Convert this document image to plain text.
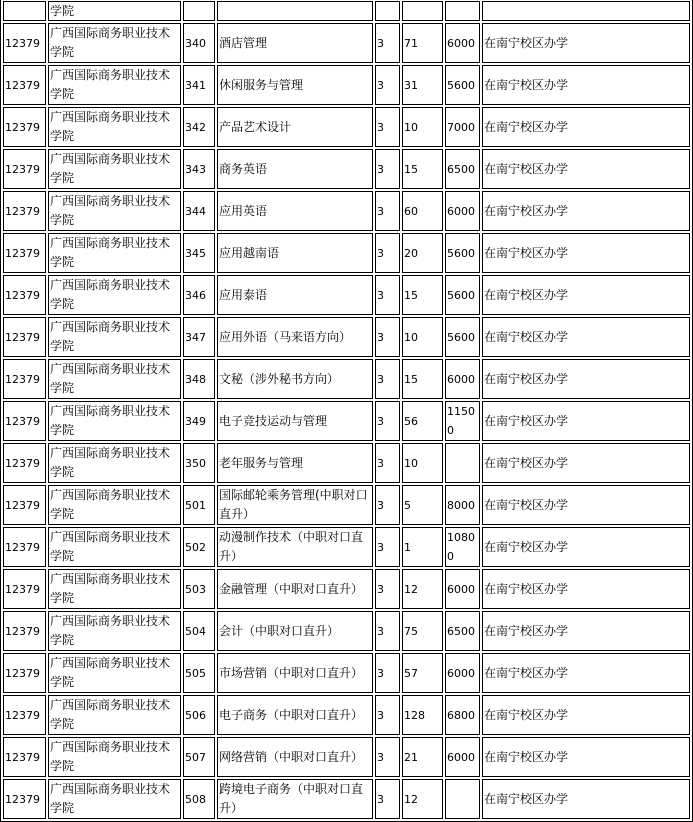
	学院						
12379	广西国际商务职业技术学院	340	酒店管理	3	71	6000	在南宁校区办学
12379	广西国际商务职业技术学院	341	休闲服务与管理	3	31	5600	在南宁校区办学
12379	广西国际商务职业技术学院	342	产品艺术设计	3	10	7000	在南宁校区办学
12379	广西国际商务职业技术学院	343	商务英语	3	15	6500	在南宁校区办学
12379	广西国际商务职业技术学院	344	应用英语	3	60	6000	在南宁校区办学
12379	广西国际商务职业技术学院	345	应用越南语	3	20	5600	在南宁校区办学
12379	广西国际商务职业技术学院	346	应用泰语	3	15	5600	在南宁校区办学
12379	广西国际商务职业技术学院	347	应用外语（马来语方向）	3	10	5600	在南宁校区办学
12379	广西国际商务职业技术学院	348	文秘（涉外秘书方向）	3	15	6000	在南宁校区办学
12379	广西国际商务职业技术学院	349	电子竞技运动与管理	3	56	11500	在南宁校区办学
12379	广西国际商务职业技术学院	350	老年服务与管理	3	10		在南宁校区办学
12379	广西国际商务职业技术学院	501	国际邮轮乘务管理(中职对口直升）	3	5	8000	在南宁校区办学
12379	广西国际商务职业技术学院	502	动漫制作技术（中职对口直升）	3	1	10800	在南宁校区办学
12379	广西国际商务职业技术学院	503	金融管理（中职对口直升）	3	12	6000	在南宁校区办学
12379	广西国际商务职业技术学院	504	会计（中职对口直升）	3	75	6500	在南宁校区办学
12379	广西国际商务职业技术学院	505	市场营销（中职对口直升）	3	57	6000	在南宁校区办学
12379	广西国际商务职业技术学院	506	电子商务（中职对口直升）	3	128	6800	在南宁校区办学
12379	广西国际商务职业技术学院	507	网络营销（中职对口直升）	3	21	6000	在南宁校区办学
12379	广西国际商务职业技术学院	508	跨境电子商务（中职对口直升）	3	12		在南宁校区办学
